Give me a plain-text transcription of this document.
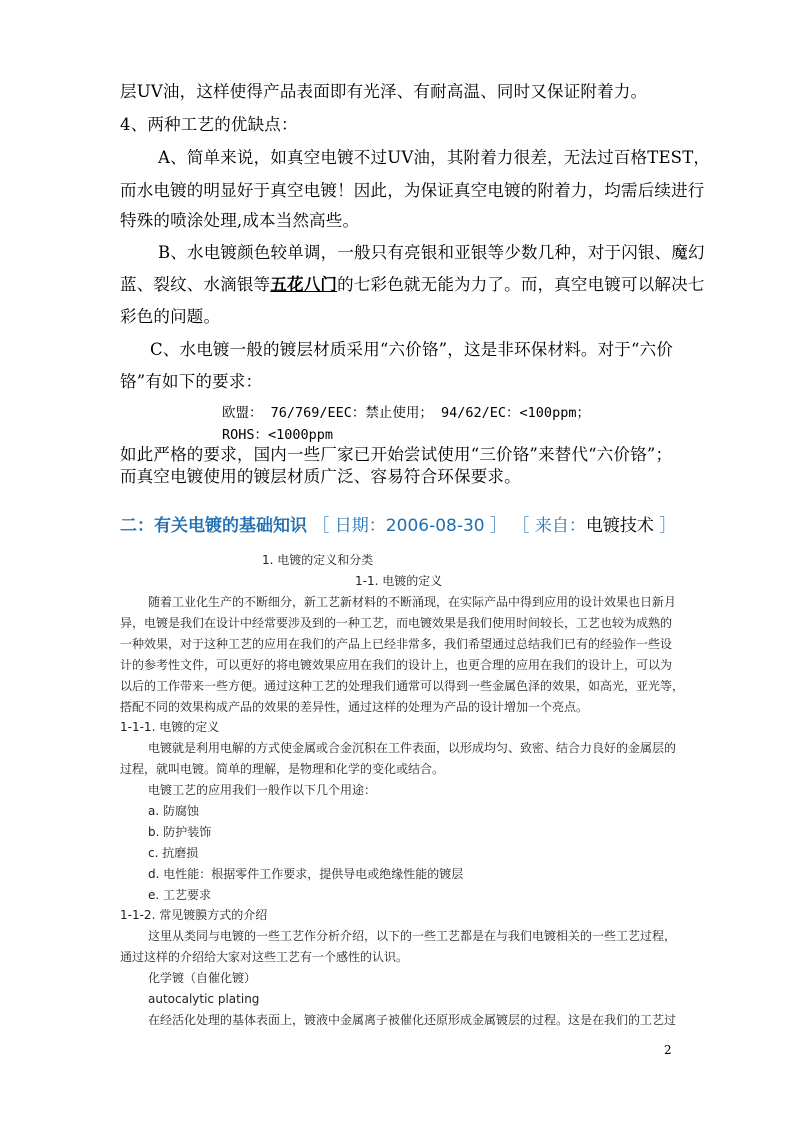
层UV油，这样使得产品表面即有光泽、有耐高温、同时又保证附着力。
4、两种工艺的优缺点：
A、简单来说，如真空电镀不过UV油，其附着力很差，无法过百格TEST，
而水电镀的明显好于真空电镀！因此，为保证真空电镀的附着力，均需后续进行
特殊的喷涂处理,成本当然高些。
B、水电镀颜色较单调，一般只有亮银和亚银等少数几种，对于闪银、魔幻
蓝、裂纹、水滴银等五花八门的七彩色就无能为力了。而，真空电镀可以解决七
彩色的问题。
C、水电镀一般的镀层材质采用“六价铬”，这是非环保材料。对于“六价
铬”有如下的要求：
欧盟： 76/769/EEC：禁止使用； 94/62/EC：<100ppm；
ROHS：<1000ppm
如此严格的要求，国内一些厂家已开始尝试使用“三价铬”来替代“六价铬”；
而真空电镀使用的镀层材质广泛、容易符合环保要求。
二：有关电镀的基础知识 ［ 日期：2006-08-30 ］ ［ 来自：电镀技术 ］
1. 电镀的定义和分类
1-1. 电镀的定义
随着工业化生产的不断细分，新工艺新材料的不断涌现，在实际产品中得到应用的设计效果也日新月
异，电镀是我们在设计中经常要涉及到的一种工艺，而电镀效果是我们使用时间较长，工艺也较为成熟的
一种效果，对于这种工艺的应用在我们的产品上已经非常多，我们希望通过总结我们已有的经验作一些设
计的参考性文件，可以更好的将电镀效果应用在我们的设计上，也更合理的应用在我们的设计上，可以为
以后的工作带来一些方便。通过这种工艺的处理我们通常可以得到一些金属色泽的效果，如高光，亚光等，
搭配不同的效果构成产品的效果的差异性，通过这样的处理为产品的设计增加一个亮点。
1-1-1. 电镀的定义
电镀就是利用电解的方式使金属或合金沉积在工件表面，以形成均匀、致密、结合力良好的金属层的
过程，就叫电镀。简单的理解，是物理和化学的变化或结合。
电镀工艺的应用我们一般作以下几个用途：
a. 防腐蚀
b. 防护装饰
c. 抗磨损
d. 电性能：根据零件工作要求，提供导电或绝缘性能的镀层
e. 工艺要求
1-1-2. 常见镀膜方式的介绍
这里从类同与电镀的一些工艺作分析介绍，以下的一些工艺都是在与我们电镀相关的一些工艺过程，
通过这样的介绍给大家对这些工艺有一个感性的认识。
化学镀（自催化镀）
autocalytic plating
在经活化处理的基体表面上，镀液中金属离子被催化还原形成金属镀层的过程。这是在我们的工艺过
2
